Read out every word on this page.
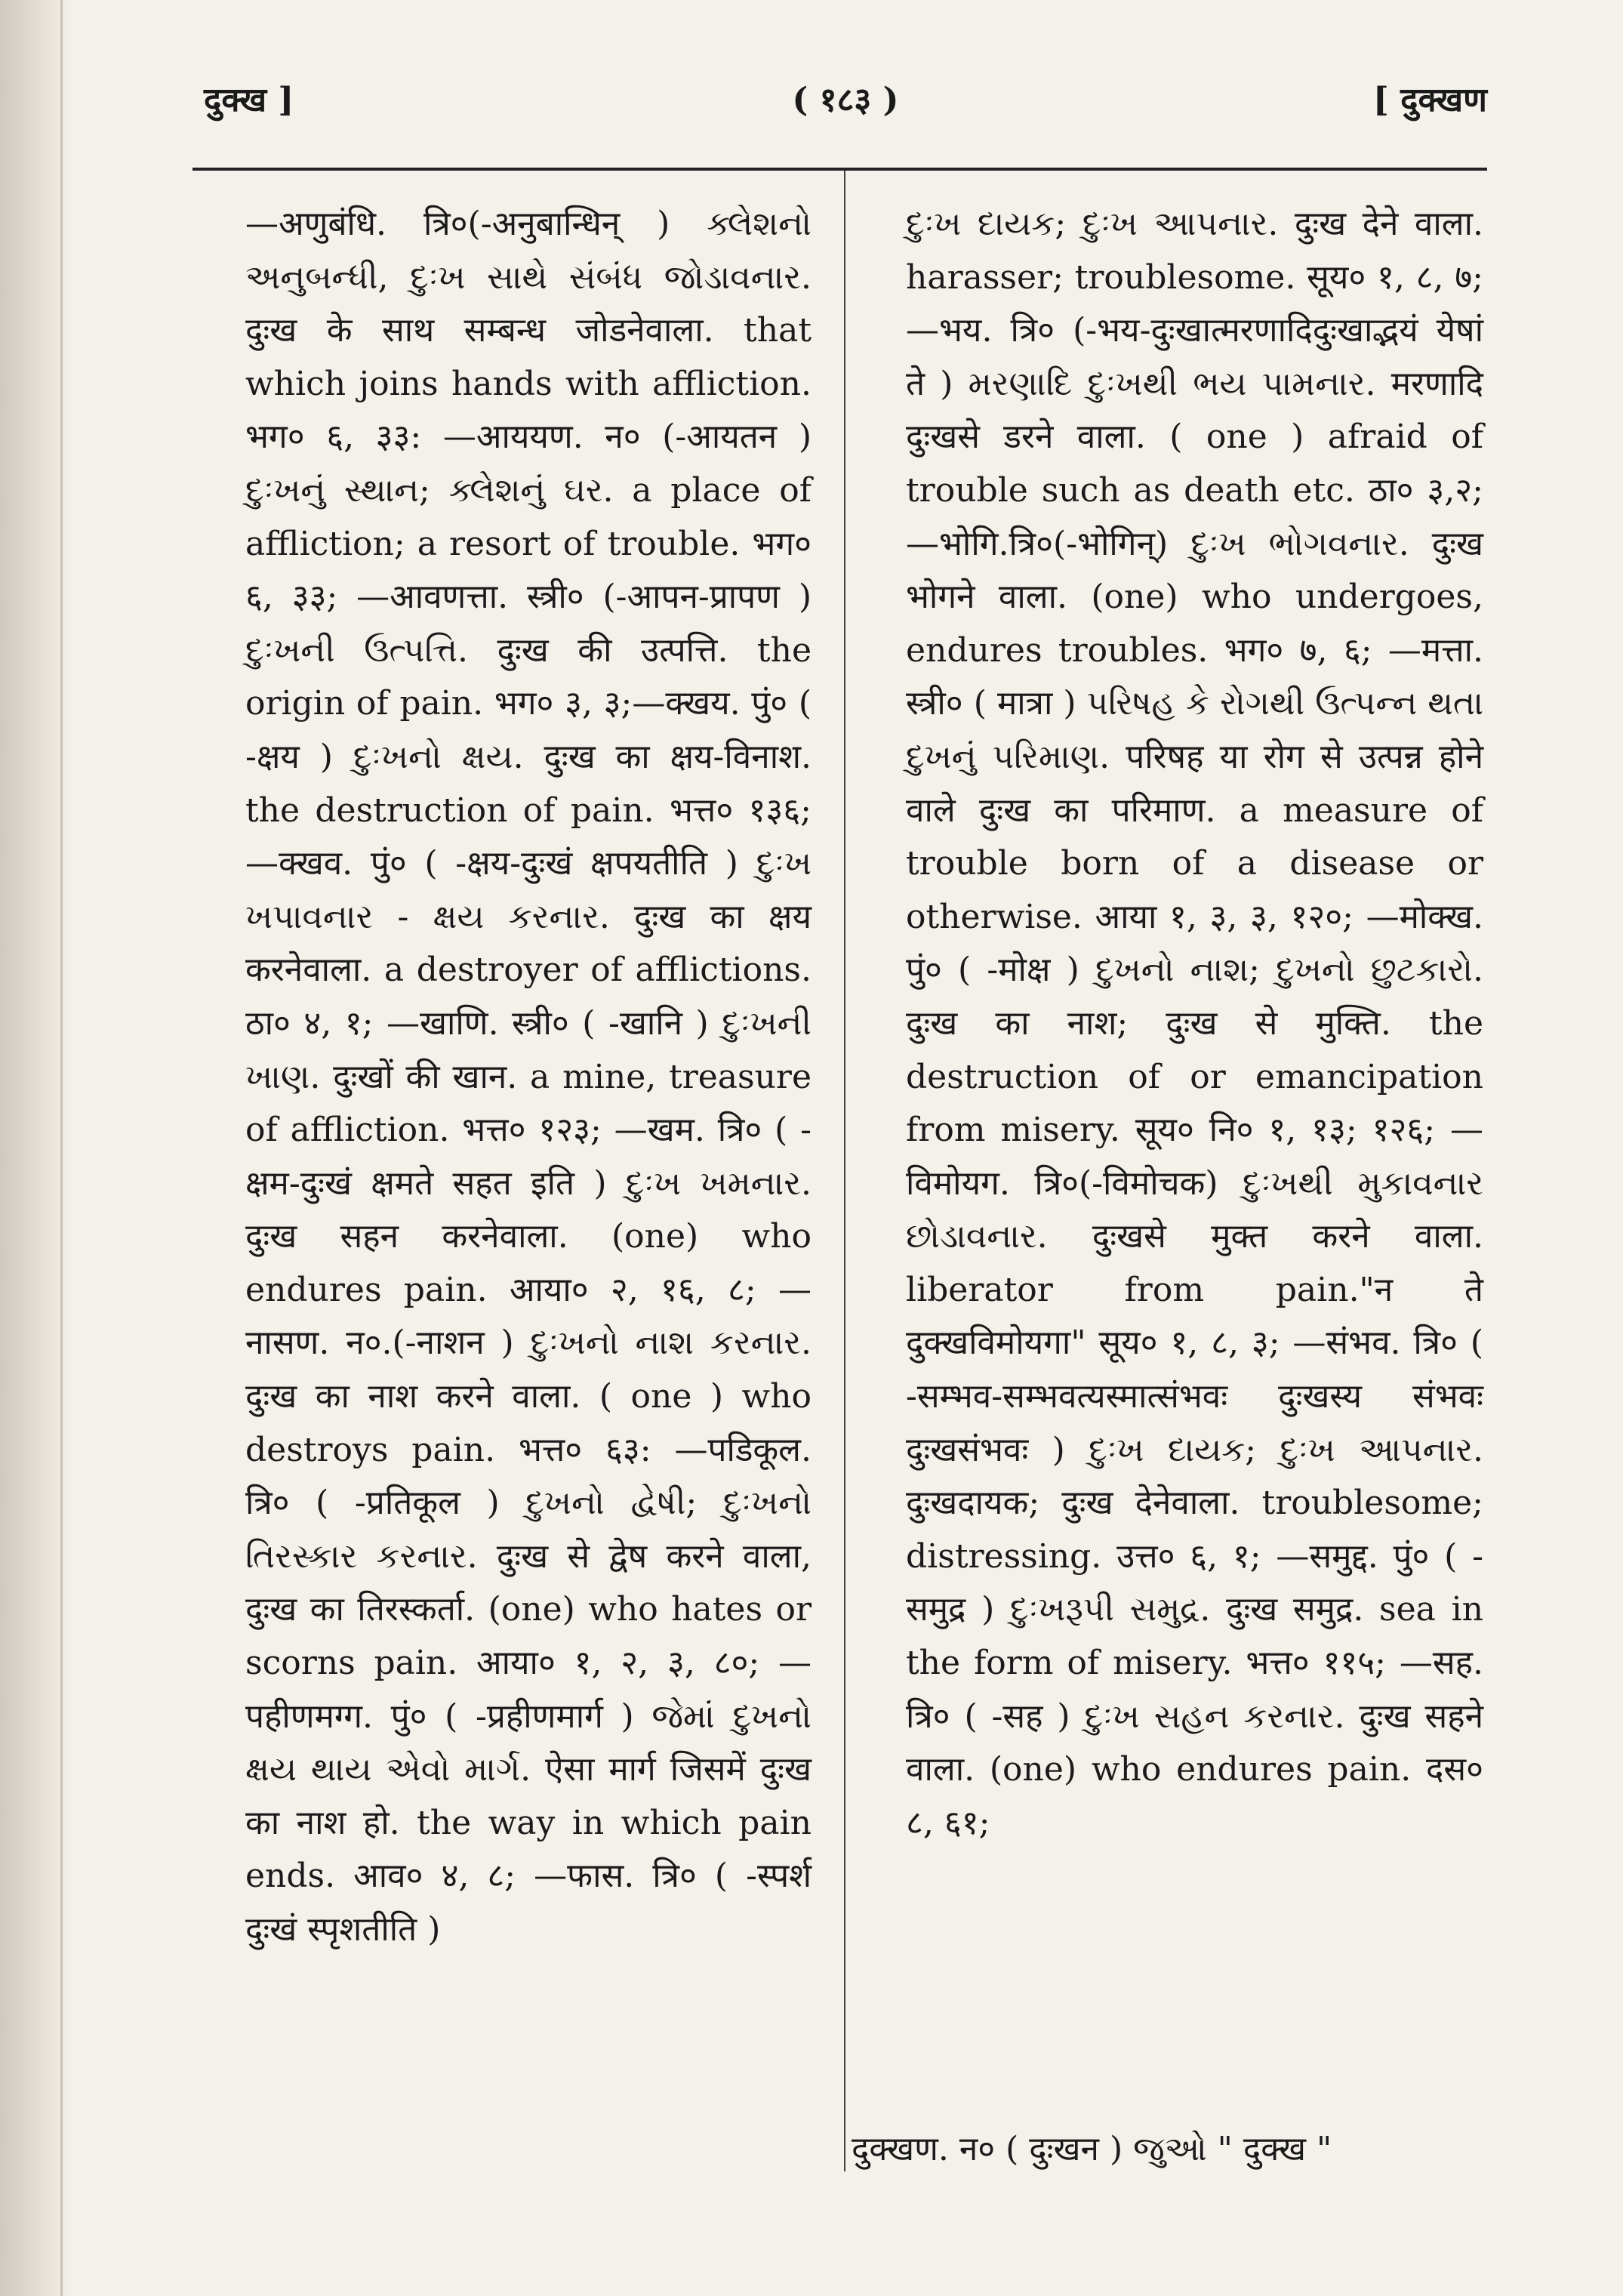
दुक्ख ]	( १८३ )	[ दुक्खण

—अणुबंधि. त्रि०(-अनुबान्धिन् ) ક્લેશનો અનુબન્ધી, દુઃખ સાથે સંબંધ જોડાવનાર. दुःख के साथ सम्बन्ध जोडनेवाला. that which joins hands with affliction. भग० ६, ३३: —आययण. न० (-आयतन ) દુઃખનું સ્થાન; ક્લેશનું ઘર. a place of affliction; a resort of trouble. भग० ६, ३३; —आवणत्ता. स्त्री० (-आपन-प्रापण ) દુઃખની ઉત્પત્તિ. दुःख की उत्पत्ति. the origin of pain. भग० ३, ३;—क्खय. पुं० ( -क्षय ) દુઃખનો ક્ષય. दुःख का क्षय-विनाश. the destruction of pain. भत्त० १३६; —क्खव. पुं० ( -क्षय-दुःखं क्षपयतीति ) દુઃખ ખપાવનાર - ક્ષય કરનાર. दुःख का क्षय करनेवाला. a destroyer of afflictions. ठा० ४, १; —खाणि. स्त्री० ( -खानि ) દુઃખની ખાણ. दुःखों की खान. a mine, treasure of affliction. भत्त० १२३; —खम. त्रि० ( -क्षम-दुःखं क्षमते सहत इति ) દુઃખ ખમનાર. दुःख सहन करनेवाला. (one) who endures pain. आया० २, १६, ८; —नासण. न०.(-नाशन ) દુઃખનો નાશ કરનાર. दुःख का नाश करने वाला. ( one ) who destroys pain. भत्त० ६३: —पडिकूल. त्रि० ( -प्रतिकूल ) દુખનો દ્વેષી; દુઃખનો તિરસ્કાર કરનાર. दुःख से द्वेष करने वाला, दुःख का तिरस्कर्ता. (one) who hates or scorns pain. आया० १, २, ३, ८०; —पहीणमग्ग. पुं० ( -प्रहीणमार्ग ) જેમાં દુખનો ક્ષય થાય એવો માર્ગ. ऐसा मार्ग जिसमें दुःख का नाश हो. the way in which pain ends. आव० ४, ८; —फास. त्रि० ( -स्पर्श दुःखं स्पृशतीति )

દુઃખ દાયક; દુઃખ આપનાર. दुःख देने वाला. harasser; troublesome. सूय० १, ८, ७; —भय. त्रि० (-भय-दुःखात्मरणादिदुःखाद्भयं येषां ते ) મરણાદિ દુઃખથી ભય પામનાર. मरणादि दुःखसे डरने वाला. ( one ) afraid of trouble such as death etc. ठा० ३,२;—भोगि.त्रि०(-भोगिन्) દુઃખ ભોગવનાર. दुःख भोगने वाला. (one) who undergoes, endures troubles. भग० ७, ६; —मत्ता. स्त्री० ( मात्रा ) પરિષહ કે રોગથી ઉત્પન્ન થતા દુખનું પરિમાણ. परिषह या रोग से उत्पन्न होने वाले दुःख का परिमाण. a measure of trouble born of a disease or otherwise. आया १, ३, ३, १२०; —मोक्ख. पुं० ( -मोक्ष ) દુખનો નાશ; દુખનો છુટકારો. दुःख का नाश; दुःख से मुक्ति. the destruction of or emancipation from misery. सूय० नि० १, १३; १२६; —विमोयग. त्रि०(-विमोचक) દુઃખથી મુકાવનાર છોડાવનાર. दुःखसे मुक्त करने वाला. liberator from pain."न ते दुक्खविमोयगा" सूय० १, ८, ३; —संभव. त्रि० ( -सम्भव-सम्भवत्यस्मात्संभवः दुःखस्य संभवः दुःखसंभवः ) દુઃખ દાયક; દુઃખ આપનાર. दुःखदायक; दुःख देनेवाला. troublesome; distressing. उत्त० ६, १; —समुद्द. पुं० ( -समुद्र ) દુઃખરૂપી સમુદ્ર. दुःख समुद्र. sea in the form of misery. भत्त० ११५; —सह. त्रि० ( -सह ) દુઃખ સહન કરનાર. दुःख सहने वाला. (one) who endures pain. दस० ८, ६१;

दुक्खण. न० ( दुःखन ) જુઓ " दुक्ख "
